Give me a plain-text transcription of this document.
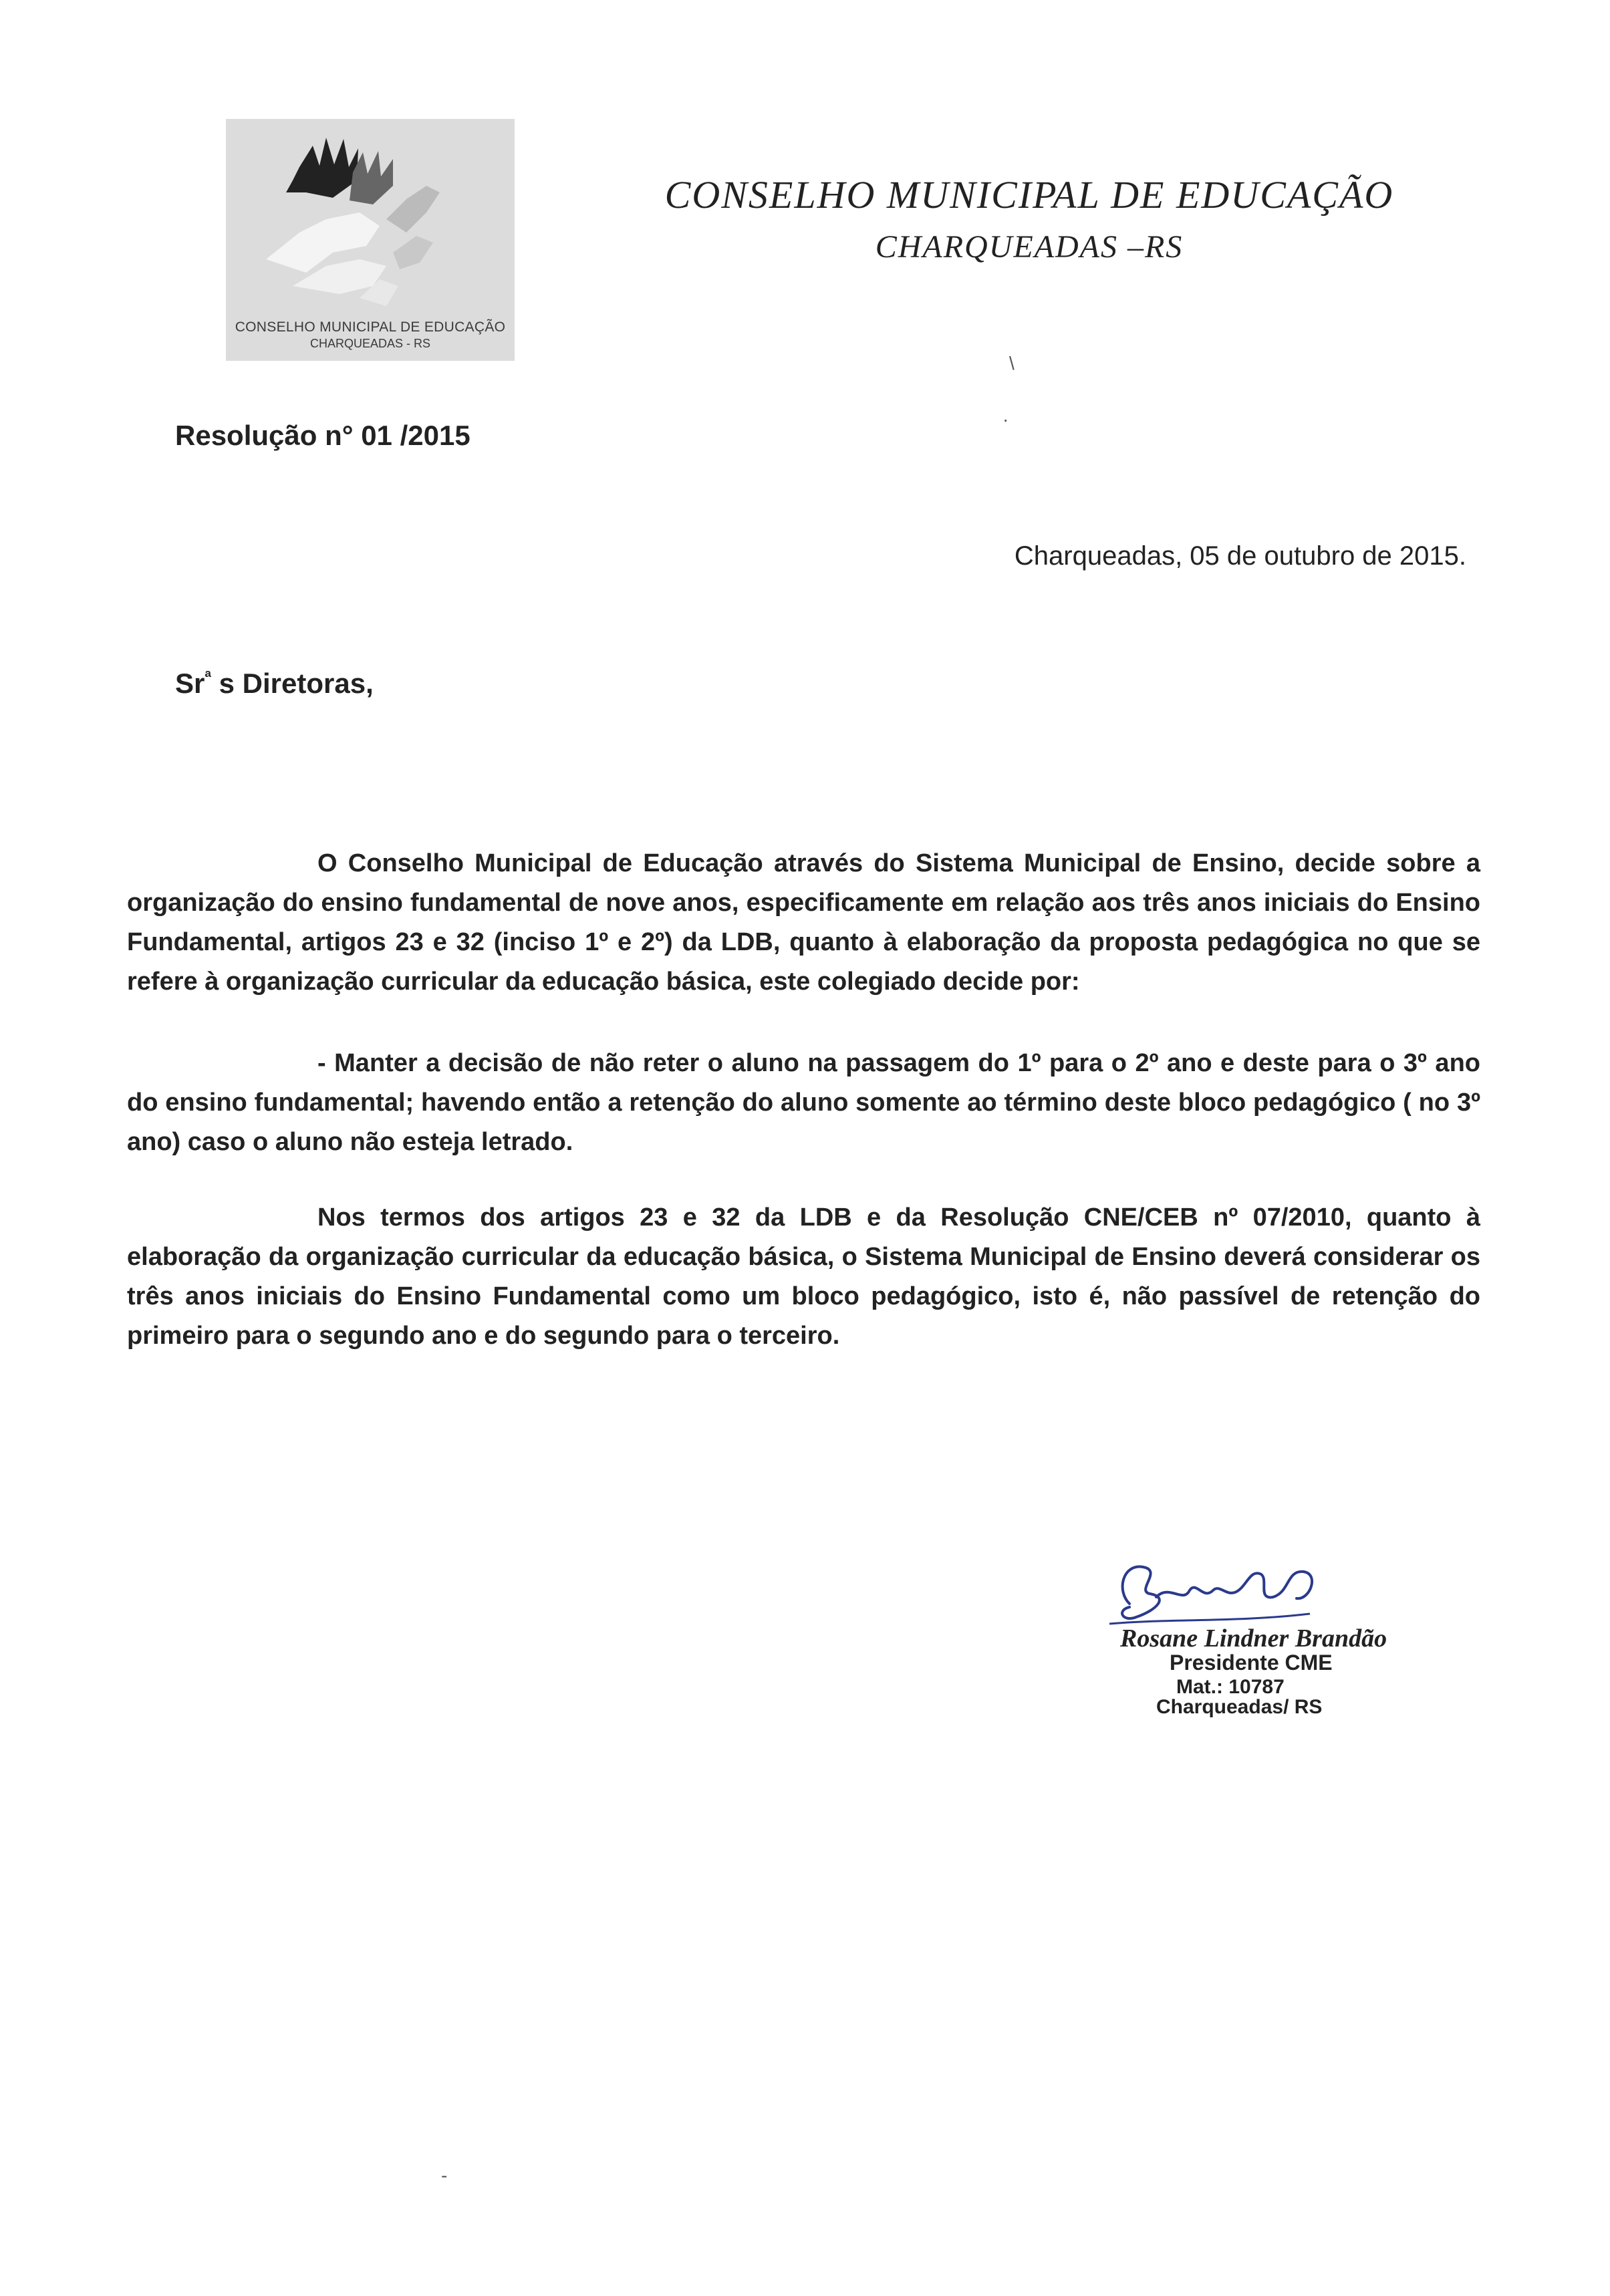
CONSELHO MUNICIPAL DE EDUCAÇÃO
CHARQUEADAS - RS
CONSELHO MUNICIPAL DE EDUCAÇÃO
CHARQUEADAS –RS
\
·
Resolução n° 01 /2015
Charqueadas, 05 de outubro de 2015.
$Sr^ª$ s Diretoras,

O Conselho Municipal de Educação através do Sistema Municipal de Ensino, decide sobre a organização do ensino fundamental de nove anos, especificamente em relação aos três anos iniciais do Ensino Fundamental, artigos 23 e 32 (inciso 1º e 2º) da LDB, quanto à elaboração da proposta pedagógica no que se refere à organização curricular da educação básica, este colegiado decide por:

- Manter a decisão de não reter o aluno na passagem do 1º para o 2º ano e deste para o 3º ano do ensino fundamental; havendo então a retenção do aluno somente ao término deste bloco pedagógico ( no 3º ano) caso o aluno não esteja letrado.

Nos termos dos artigos 23 e 32 da LDB e da Resolução CNE/CEB nº 07/2010, quanto à elaboração da organização curricular da educação básica, o Sistema Municipal de Ensino deverá considerar os três anos iniciais do Ensino Fundamental como um bloco pedagógico, isto é, não passível de retenção do primeiro para o segundo ano e do segundo para o terceiro.

Rosane Lindner Brandão
Presidente CME
Mat.: 10787
Charqueadas/ RS
-
